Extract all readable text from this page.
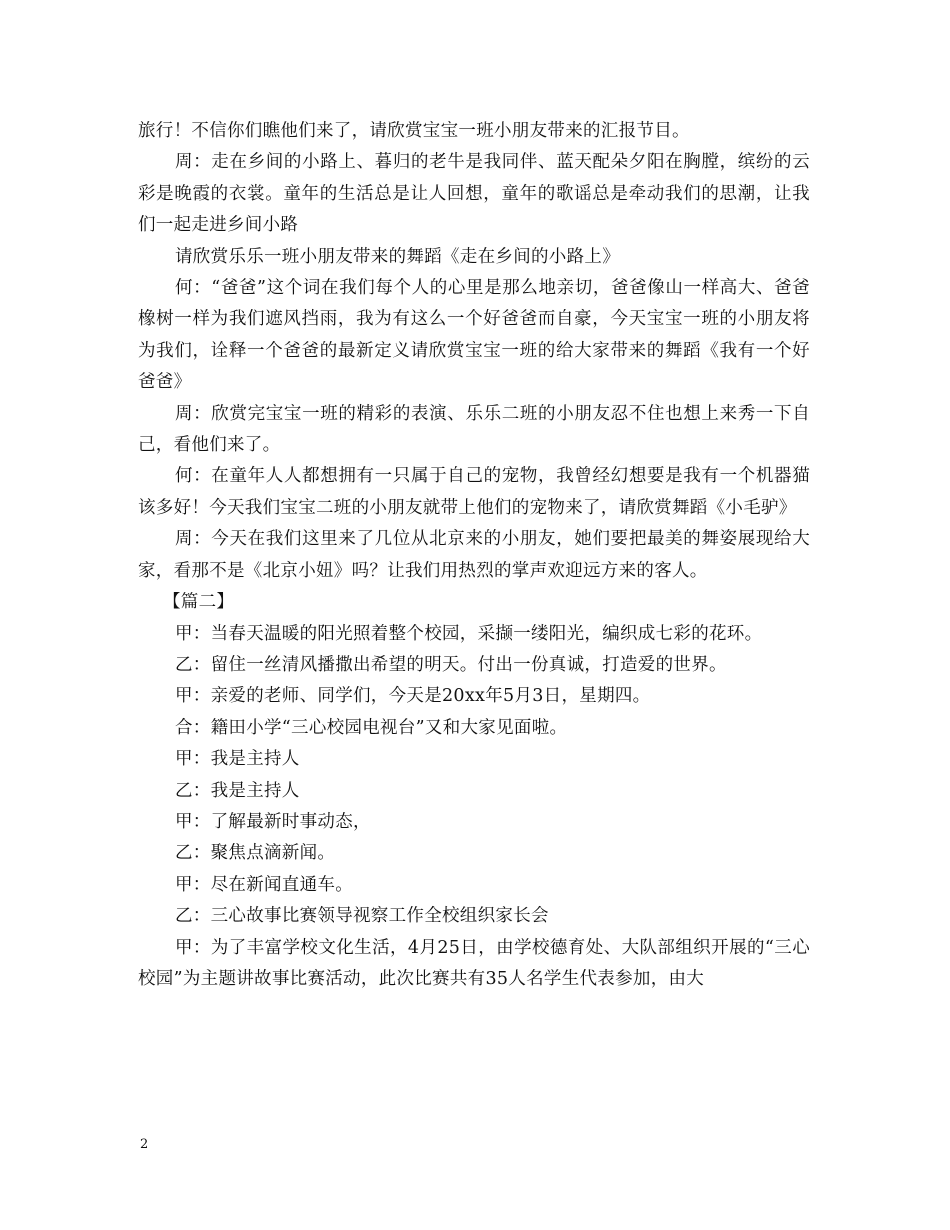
旅行！不信你们瞧他们来了，请欣赏宝宝一班小朋友带来的汇报节目。

周：走在乡间的小路上、暮归的老牛是我同伴、蓝天配朵夕阳在胸膛，缤纷的云彩是晚霞的衣裳。童年的生活总是让人回想，童年的歌谣总是牵动我们的思潮，让我们一起走进乡间小路

请欣赏乐乐一班小朋友带来的舞蹈《走在乡间的小路上》

何：“爸爸”这个词在我们每个人的心里是那么地亲切，爸爸像山一样高大、爸爸橡树一样为我们遮风挡雨，我为有这么一个好爸爸而自豪，今天宝宝一班的小朋友将为我们，诠释一个爸爸的最新定义请欣赏宝宝一班的给大家带来的舞蹈《我有一个好爸爸》

周：欣赏完宝宝一班的精彩的表演、乐乐二班的小朋友忍不住也想上来秀一下自己，看他们来了。

何：在童年人人都想拥有一只属于自己的宠物，我曾经幻想要是我有一个机器猫该多好！今天我们宝宝二班的小朋友就带上他们的宠物来了，请欣赏舞蹈《小毛驴》

周：今天在我们这里来了几位从北京来的小朋友，她们要把最美的舞姿展现给大家，看那不是《北京小妞》吗？让我们用热烈的掌声欢迎远方来的客人。

【篇二】

甲：当春天温暖的阳光照着整个校园，采撷一缕阳光，编织成七彩的花环。

乙：留住一丝清风播撒出希望的明天。付出一份真诚，打造爱的世界。

甲：亲爱的老师、同学们，今天是20xx年5月3日，星期四。

合：籍田小学“三心校园电视台”又和大家见面啦。

甲：我是主持人

乙：我是主持人

甲：了解最新时事动态，

乙：聚焦点滴新闻。

甲：尽在新闻直通车。

乙：三心故事比赛领导视察工作全校组织家长会

甲：为了丰富学校文化生活，4月25日，由学校德育处、大队部组织开展的“三心校园”为主题讲故事比赛活动，此次比赛共有35人名学生代表参加，由大

2
